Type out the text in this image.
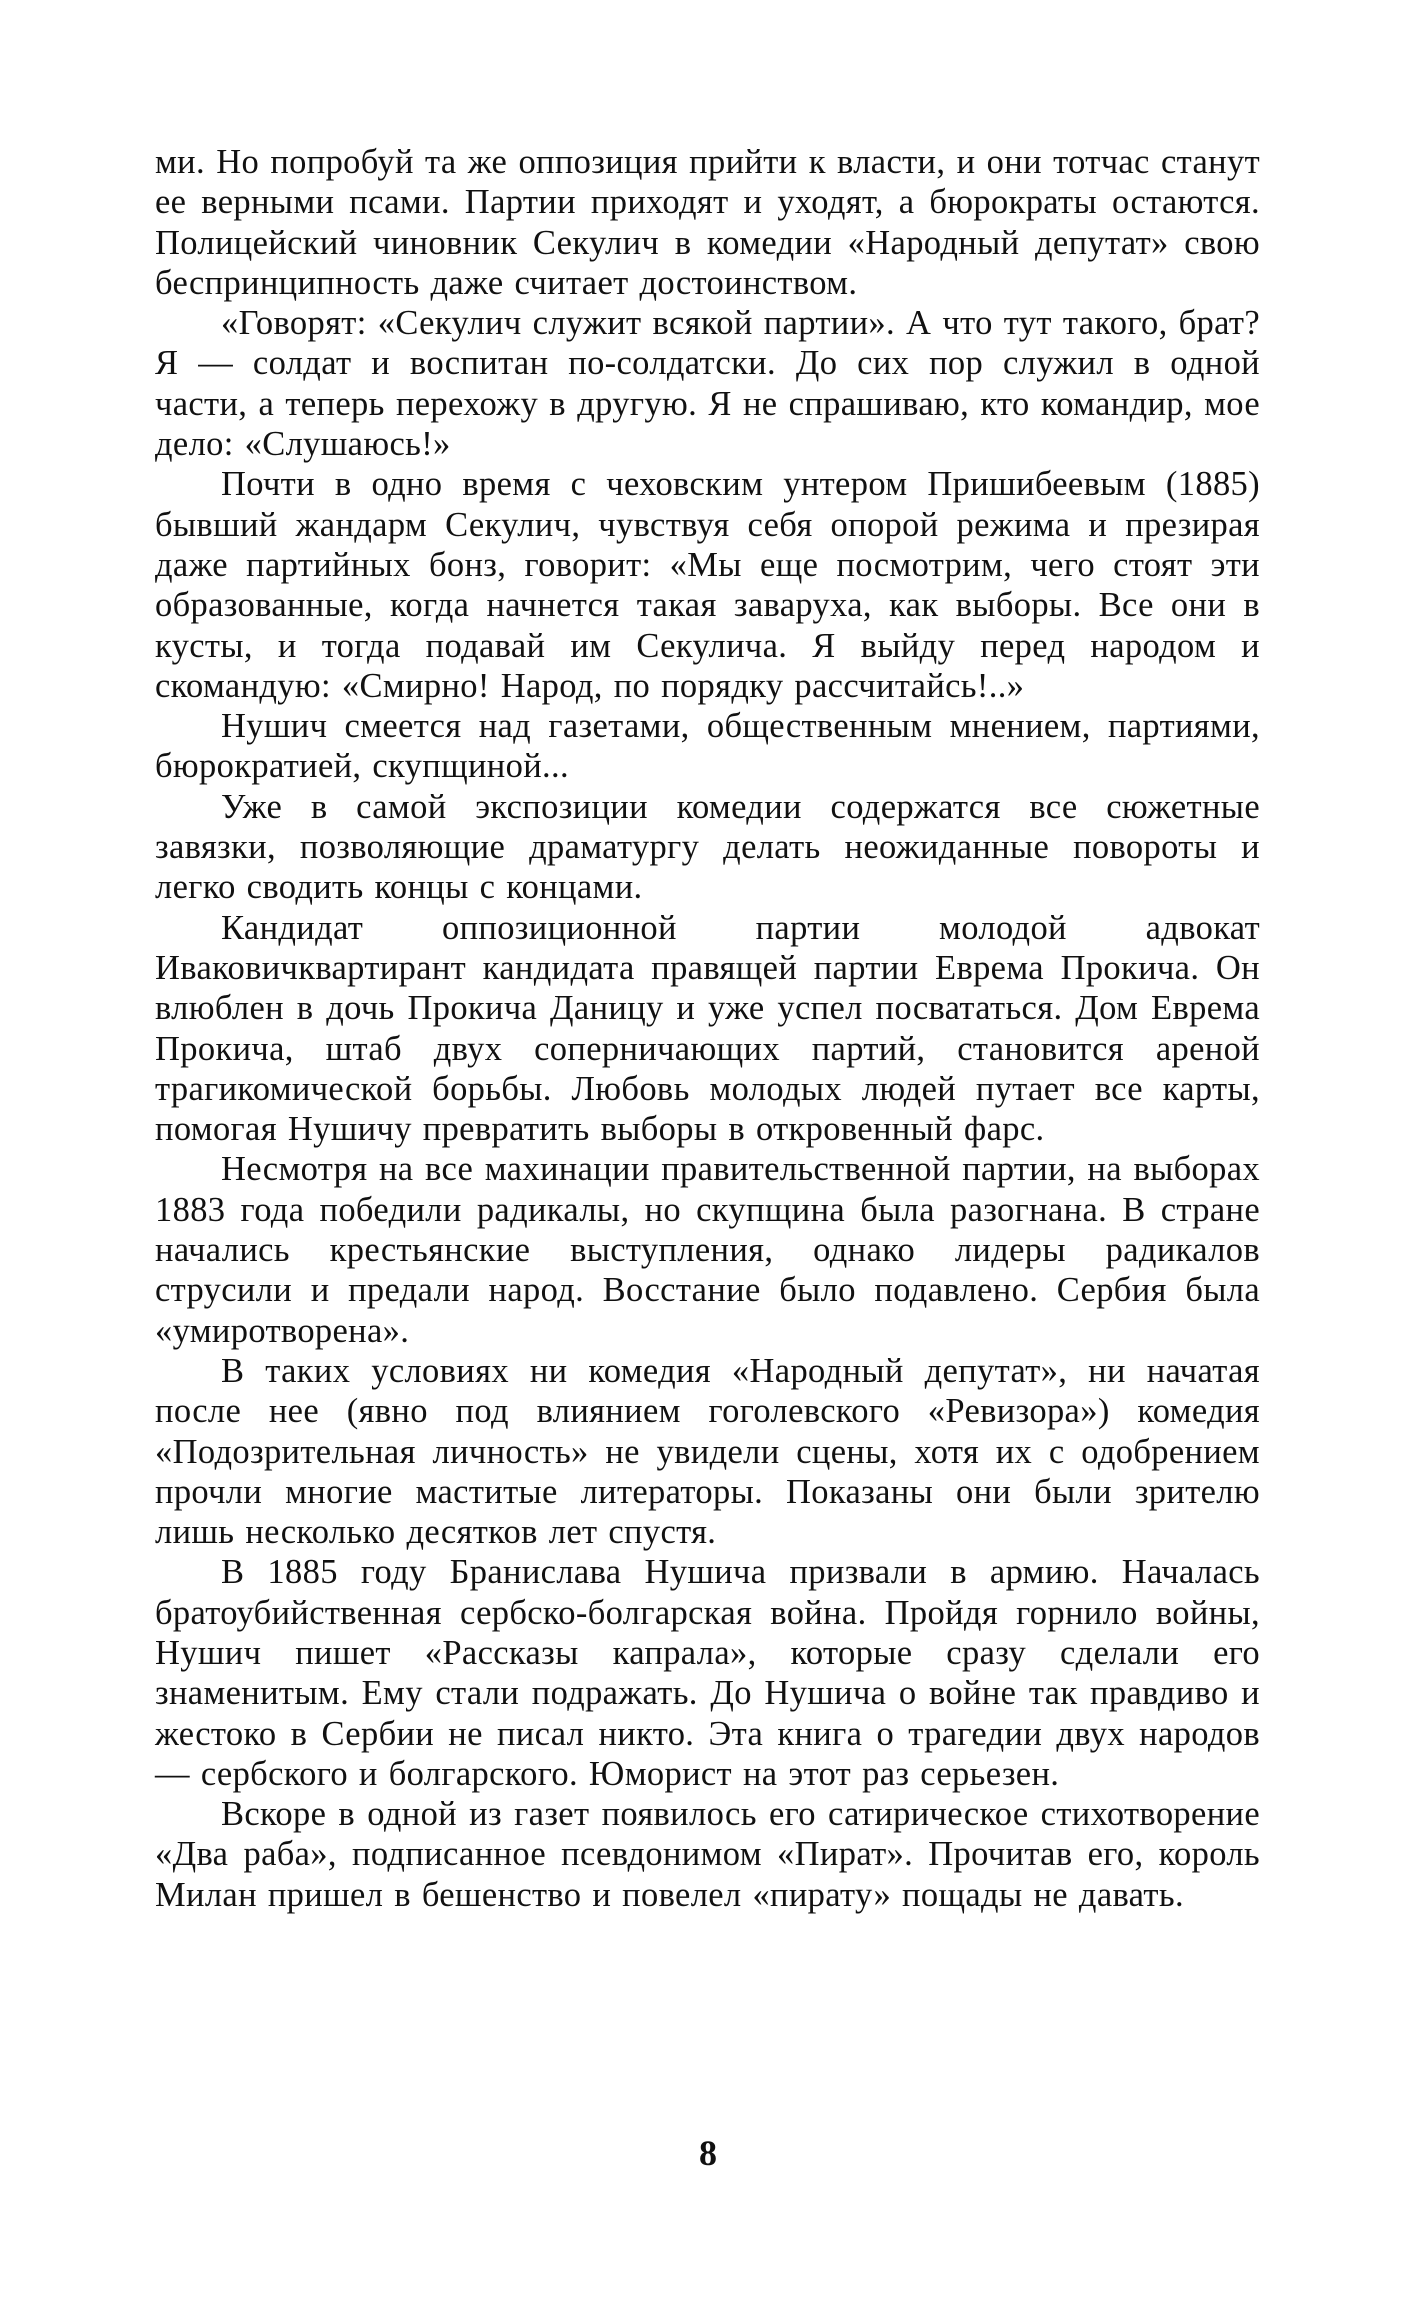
ми. Но попробуй та же оппозиция прийти к власти, и они тотчас станут ее верными псами. Партии приходят и уходят, а бюрократы остаются. Полицейский чиновник Секулич в комедии «Народный депутат» свою беспринципность даже считает достоинством.

«Говорят: «Секулич служит всякой партии». А что тут такого, брат? Я — солдат и воспитан по-солдатски. До сих пор служил в одной части, а теперь перехожу в другую. Я не спрашиваю, кто командир, мое дело: «Слушаюсь!»

Почти в одно время с чеховским унтером Пришибеевым (1885) бывший жандарм Секулич, чувствуя себя опорой режима и презирая даже партийных бонз, говорит: «Мы еще посмотрим, чего стоят эти образованные, когда начнется такая заваруха, как выборы. Все они в кусты, и тогда подавай им Секулича. Я выйду перед народом и скомандую: «Смирно! Народ, по порядку рассчитайсь!..»

Нушич смеется над газетами, общественным мнением, партиями, бюрократией, скупщиной...

Уже в самой экспозиции комедии содержатся все сюжетные завязки, позволяющие драматургу делать неожиданные повороты и легко сводить концы с концами.

Кандидат оппозиционной партии молодой адвокат Иваковичквартирант кандидата правящей партии Еврема Прокича. Он влюблен в дочь Прокича Даницу и уже успел посвататься. Дом Еврема Прокича, штаб двух соперничающих партий, становится ареной трагикомической борьбы. Любовь молодых людей путает все карты, помогая Нушичу превратить выборы в откровенный фарс.

Несмотря на все махинации правительственной партии, на выборах 1883 года победили радикалы, но скупщина была разогнана. В стране начались крестьянские выступления, однако лидеры радикалов струсили и предали народ. Восстание было подавлено. Сербия была «умиротворена».

В таких условиях ни комедия «Народный депутат», ни начатая после нее (явно под влиянием гоголевского «Ревизора») комедия «Подозрительная личность» не увидели сцены, хотя их с одобрением прочли многие маститые литераторы. Показаны они были зрителю лишь несколько десятков лет спустя.

В 1885 году Бранислава Нушича призвали в армию. Началась братоубийственная сербско-болгарская война. Пройдя горнило войны, Нушич пишет «Рассказы капрала», которые сразу сделали его знаменитым. Ему стали подражать. До Нушича о войне так правдиво и жестоко в Сербии не писал никто. Эта книга о трагедии двух народов — сербского и болгарского. Юморист на этот раз серьезен.

Вскоре в одной из газет появилось его сатирическое стихотворение «Два раба», подписанное псевдонимом «Пират». Прочитав его, король Милан пришел в бешенство и повелел «пирату» пощады не давать.

8
